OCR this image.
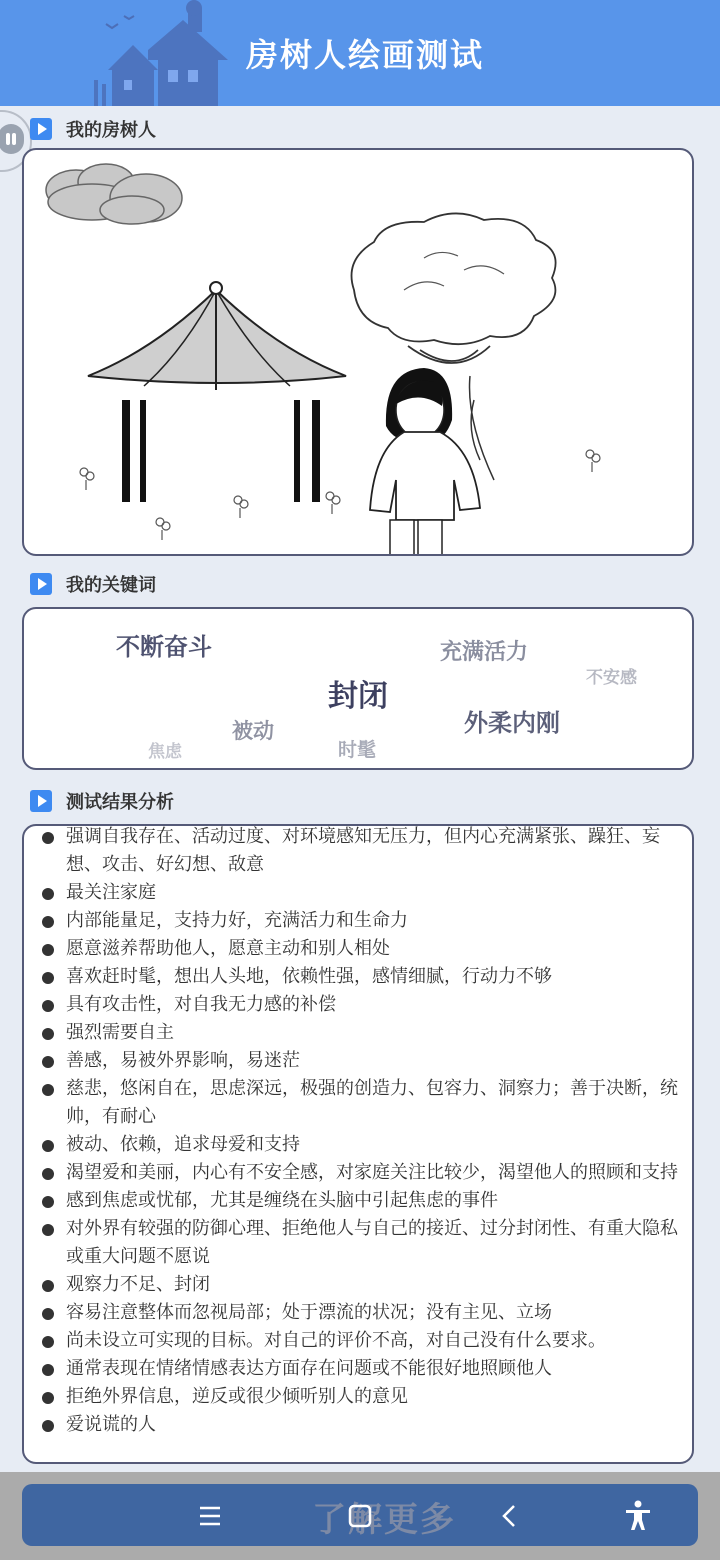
房树人绘画测试
我的房树人
我的关键词
不断奋斗	充满活力
不安感
封闭
外柔内刚
被动
焦虑	时髦
测试结果分析
强调自我存在、活动过度、对环境感知无压力，但内心充满紧张、躁狂、妄想、攻击、好幻想、敌意
最关注家庭
内部能量足，支持力好，充满活力和生命力
愿意滋养帮助他人，愿意主动和别人相处
喜欢赶时髦，想出人头地，依赖性强，感情细腻，行动力不够
具有攻击性，对自我无力感的补偿
强烈需要自主
善感，易被外界影响，易迷茫
慈悲，悠闲自在，思虑深远，极强的创造力、包容力、洞察力；善于决断，统帅，有耐心
被动、依赖，追求母爱和支持
渴望爱和美丽，内心有不安全感，对家庭关注比较少，渴望他人的照顾和支持
感到焦虑或忧郁，尤其是缠绕在头脑中引起焦虑的事件
对外界有较强的防御心理、拒绝他人与自己的接近、过分封闭性、有重大隐私或重大问题不愿说
观察力不足、封闭
容易注意整体而忽视局部；处于漂流的状况；没有主见、立场
尚未设立可实现的目标。对自己的评价不高，对自己没有什么要求。
通常表现在情绪情感表达方面存在问题或不能很好地照顾他人
拒绝外界信息，逆反或很少倾听别人的意见
爱说谎的人
了解更多
